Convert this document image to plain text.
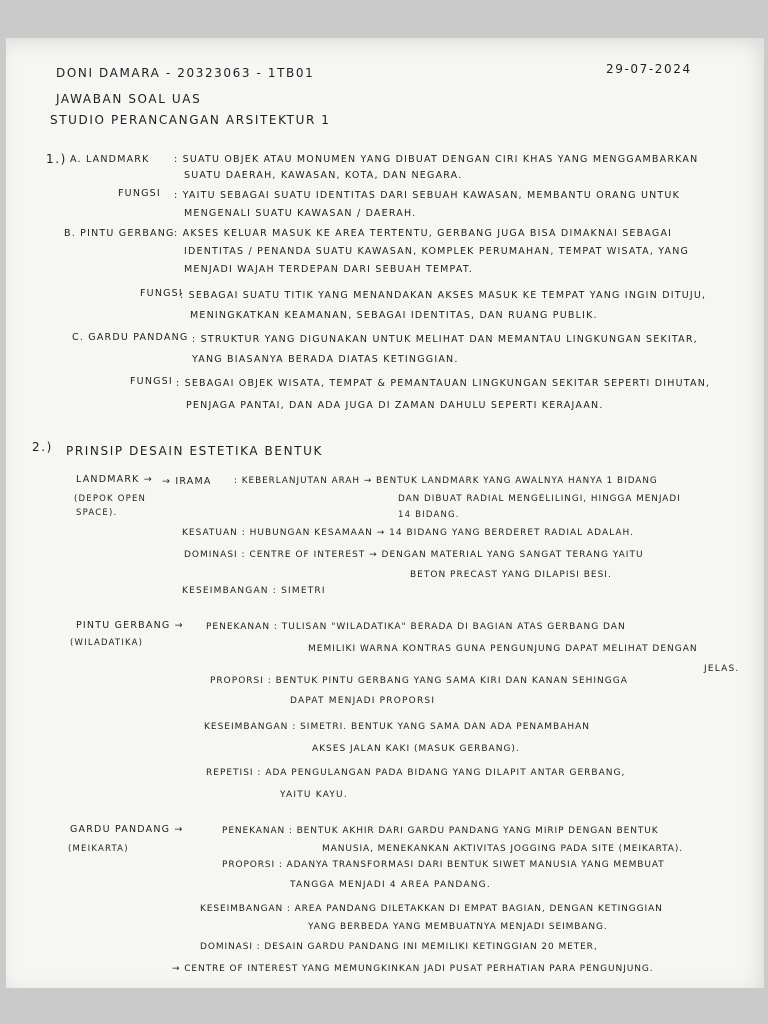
DONI DAMARA - 20323063 - 1TB01	29-07-2024
JAWABAN SOAL UAS
STUDIO PERANCANGAN ARSITEKTUR 1
1.) A. LANDMARK	: SUATU OBJEK ATAU MONUMEN YANG DIBUAT DENGAN CIRI KHAS YANG MENGGAMBARKAN
SUATU DAERAH, KAWASAN, KOTA, DAN NEGARA.
FUNGSI : YAITU SEBAGAI SUATU IDENTITAS DARI SEBUAH KAWASAN, MEMBANTU ORANG UNTUK
MENGENALI SUATU KAWASAN / DAERAH.
B. PINTU GERBANG : AKSES KELUAR MASUK KE AREA TERTENTU, GERBANG JUGA BISA DIMAKNAI SEBAGAI
IDENTITAS / PENANDA SUATU KAWASAN, KOMPLEK PERUMAHAN, TEMPAT WISATA, YANG
MENJADI WAJAH TERDEPAN DARI SEBUAH TEMPAT.
FUNGSI
: SEBAGAI SUATU TITIK YANG MENANDAKAN AKSES MASUK KE TEMPAT YANG INGIN DITUJU,
MENINGKATKAN KEAMANAN, SEBAGAI IDENTITAS, DAN RUANG PUBLIK.
C. GARDU PANDANG : STRUKTUR YANG DIGUNAKAN UNTUK MELIHAT DAN MEMANTAU LINGKUNGAN SEKITAR,
YANG BIASANYA BERADA DIATAS KETINGGIAN.
FUNGSI : SEBAGAI OBJEK WISATA, TEMPAT & PEMANTAUAN LINGKUNGAN SEKITAR SEPERTI DIHUTAN,
PENJAGA PANTAI, DAN ADA JUGA DI ZAMAN DAHULU SEPERTI KERAJAAN.
2.) PRINSIP DESAIN ESTETIKA BENTUK
LANDMARK →
(DEPOK OPEN
SPACE).
→ IRAMA	: KEBERLANJUTAN ARAH → BENTUK LANDMARK YANG AWALNYA HANYA 1 BIDANG
DAN DIBUAT RADIAL MENGELILINGI, HINGGA MENJADI
14 BIDANG.
KESATUAN : HUBUNGAN KESAMAAN → 14 BIDANG YANG BERDERET RADIAL ADALAH.
DOMINASI : CENTRE OF INTEREST → DENGAN MATERIAL YANG SANGAT TERANG YAITU
BETON PRECAST YANG DILAPISI BESI.
KESEIMBANGAN : SIMETRI
PINTU GERBANG →
(WILADATIKA)
PENEKANAN : TULISAN "WILADATIKA" BERADA DI BAGIAN ATAS GERBANG DAN
MEMILIKI WARNA KONTRAS GUNA PENGUNJUNG DAPAT MELIHAT DENGAN
JELAS.
PROPORSI : BENTUK PINTU GERBANG YANG SAMA KIRI DAN KANAN SEHINGGA
DAPAT MENJADI PROPORSI
KESEIMBANGAN : SIMETRI. BENTUK YANG SAMA DAN ADA PENAMBAHAN
AKSES JALAN KAKI (MASUK GERBANG).
REPETISI : ADA PENGULANGAN PADA BIDANG YANG DILAPIT ANTAR GERBANG,
YAITU KAYU.
GARDU PANDANG →
(MEIKARTA)
PENEKANAN : BENTUK AKHIR DARI GARDU PANDANG YANG MIRIP DENGAN BENTUK
MANUSIA, MENEKANKAN AKTIVITAS JOGGING PADA SITE (MEIKARTA).
PROPORSI : ADANYA TRANSFORMASI DARI BENTUK SIWET MANUSIA YANG MEMBUAT
TANGGA MENJADI 4 AREA PANDANG.
KESEIMBANGAN : AREA PANDANG DILETAKKAN DI EMPAT BAGIAN, DENGAN KETINGGIAN
YANG BERBEDA YANG MEMBUATNYA MENJADI SEIMBANG.
DOMINASI : DESAIN GARDU PANDANG INI MEMILIKI KETINGGIAN 20 METER,
→ CENTRE OF INTEREST YANG MEMUNGKINKAN JADI PUSAT PERHATIAN PARA PENGUNJUNG.
